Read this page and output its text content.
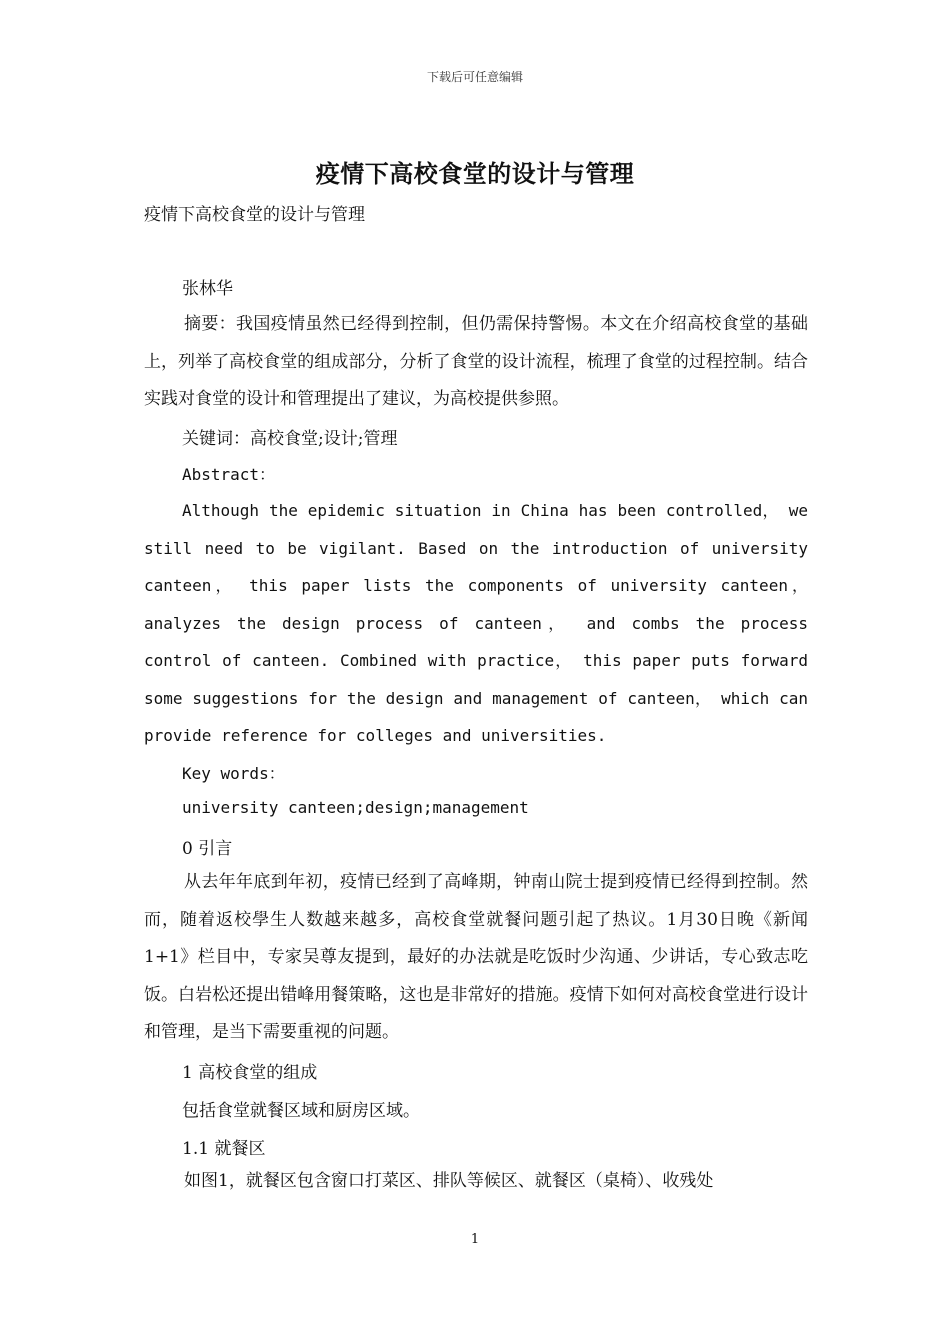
下载后可任意编辑
疫情下高校食堂的设计与管理
疫情下高校食堂的设计与管理
张林华
摘要：我国疫情虽然已经得到控制，但仍需保持警惕。本文在介绍高校食堂的基础上，列举了高校食堂的组成部分，分析了食堂的设计流程，梳理了食堂的过程控制。结合实践对食堂的设计和管理提出了建议，为高校提供参照。
关键词：高校食堂;设计;管理
Abstract：
Although the epidemic situation in China has been controlled， we still need to be vigilant. Based on the introduction of university canteen， this paper lists the components of university canteen， analyzes the design process of canteen， and combs the process control of canteen. Combined with practice， this paper puts forward some suggestions for the design and management of canteen， which can provide reference for colleges and universities.
Key words：
university canteen;design;management
0 引言
从去年年底到年初，疫情已经到了高峰期，钟南山院士提到疫情已经得到控制。然而，随着返校學生人数越来越多，高校食堂就餐问题引起了热议。1月30日晚《新闻1+1》栏目中，专家吴尊友提到，最好的办法就是吃饭时少沟通、少讲话，专心致志吃饭。白岩松还提出错峰用餐策略，这也是非常好的措施。疫情下如何对高校食堂进行设计和管理，是当下需要重视的问题。
1 高校食堂的组成
包括食堂就餐区域和厨房区域。
1.1 就餐区
如图1，就餐区包含窗口打菜区、排队等候区、就餐区（桌椅）、收残处
1
